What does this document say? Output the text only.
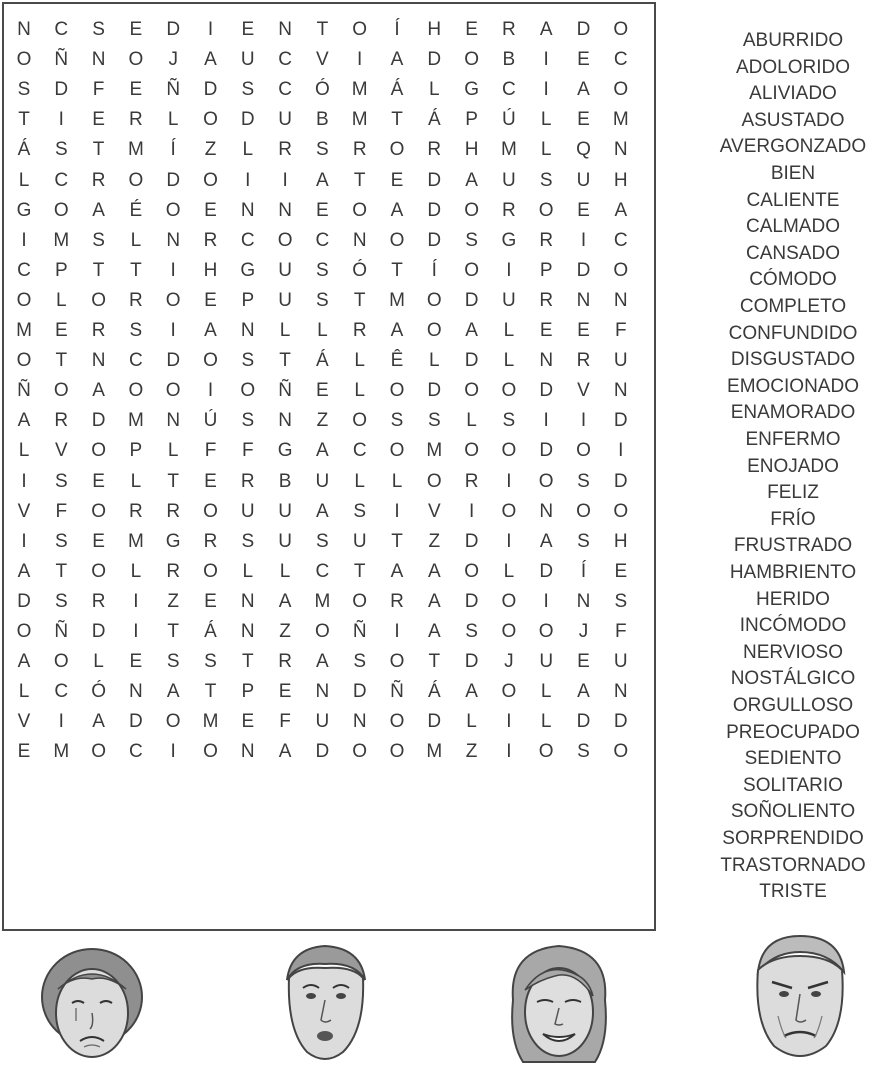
N	C	S	E	D	I	E	N	T	O	Í	H	E	R	A	D	O
O	Ñ	N	O	J	A	U	C	V	I	A	D	O	B	I	E	C
S	D	F	E	Ñ	D	S	C	Ó	M	Á	L	G	C	I	A	O
T	I	E	R	L	O	D	U	B	M	T	Á	P	Ú	L	E	M
Á	S	T	M	Í	Z	L	R	S	R	O	R	H	M	L	Q	N
L	C	R	O	D	O	I	I	A	T	E	D	A	U	S	U	H
G	O	A	É	O	E	N	N	E	O	A	D	O	R	O	E	A
I	M	S	L	N	R	C	O	C	N	O	D	S	G	R	I	C
C	P	T	T	I	H	G	U	S	Ó	T	Í	O	I	P	D	O
O	L	O	R	O	E	P	U	S	T	M	O	D	U	R	N	N
M	E	R	S	I	A	N	L	L	R	A	O	A	L	E	E	F
O	T	N	C	D	O	S	T	Á	L	Ê	L	D	L	N	R	U
Ñ	O	A	O	O	I	O	Ñ	E	L	O	D	O	O	D	V	N
A	R	D	M	N	Ú	S	N	Z	O	S	S	L	S	I	I	D
L	V	O	P	L	F	F	G	A	C	O	M	O	O	D	O	I
I	S	E	L	T	E	R	B	U	L	L	O	R	I	O	S	D
V	F	O	R	R	O	U	U	A	S	I	V	I	O	N	O	O
I	S	E	M	G	R	S	U	S	U	T	Z	D	I	A	S	H
A	T	O	L	R	O	L	L	C	T	A	A	O	L	D	Í	E
D	S	R	I	Z	E	N	A	M	O	R	A	D	O	I	N	S
O	Ñ	D	I	T	Á	N	Z	O	Ñ	I	A	S	O	O	J	F
A	O	L	E	S	S	T	R	A	S	O	T	D	J	U	E	U
L	C	Ó	N	A	T	P	E	N	D	Ñ	Á	A	O	L	A	N
V	I	A	D	O	M	E	F	U	N	O	D	L	I	L	D	D
E	M	O	C	I	O	N	A	D	O	O	M	Z	I	O	S	O
ABURRIDO
ADOLORIDO
ALIVIADO
ASUSTADO
AVERGONZADO
BIEN
CALIENTE
CALMADO
CANSADO
CÓMODO
COMPLETO
CONFUNDIDO
DISGUSTADO
EMOCIONADO
ENAMORADO
ENFERMO
ENOJADO
FELIZ
FRÍO
FRUSTRADO
HAMBRIENTO
HERIDO
INCÓMODO
NERVIOSO
NOSTÁLGICO
ORGULLOSO
PREOCUPADO
SEDIENTO
SOLITARIO
SOÑOLIENTO
SORPRENDIDO
TRASTORNADO
TRISTE
